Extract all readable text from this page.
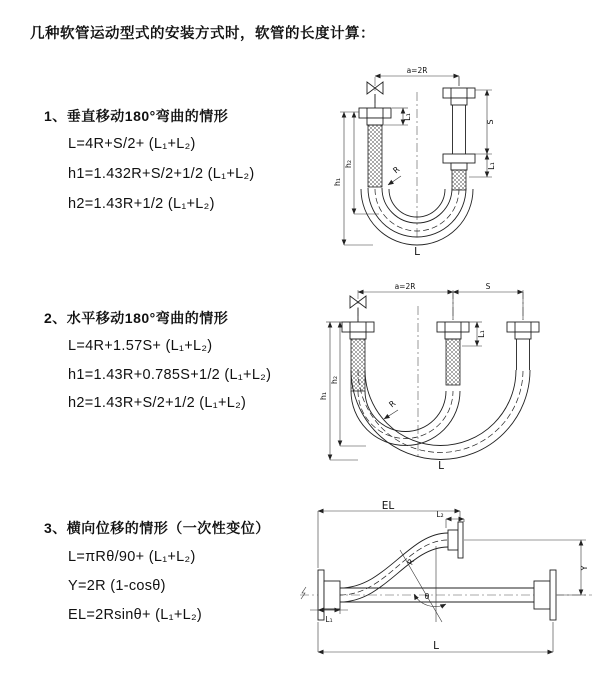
几种软管运动型式的安装方式时，软管的长度计算：
1、垂直移动180°弯曲的情形
L=4R+S/2+ (L₁+L₂)
h1=1.432R+S/2+1/2 (L₁+L₂)
h2=1.43R+1/2 (L₁+L₂)
2、水平移动180°弯曲的情形
L=4R+1.57S+ (L₁+L₂)
h1=1.43R+0.785S+1/2 (L₁+L₂)
h2=1.43R+S/2+1/2 (L₁+L₂)
3、横向位移的情形（一次性变位）
L=πRθ/90+ (L₁+L₂)
Y=2R (1-cosθ)
EL=2Rsinθ+ (L₁+L₂)
a=2R
S
L₁
h₁
h₂
L₁
R
L
a=2R	S
h₁
h₂
L₁
R
L
θ
R
EL
L₂
Y
L₁
L
